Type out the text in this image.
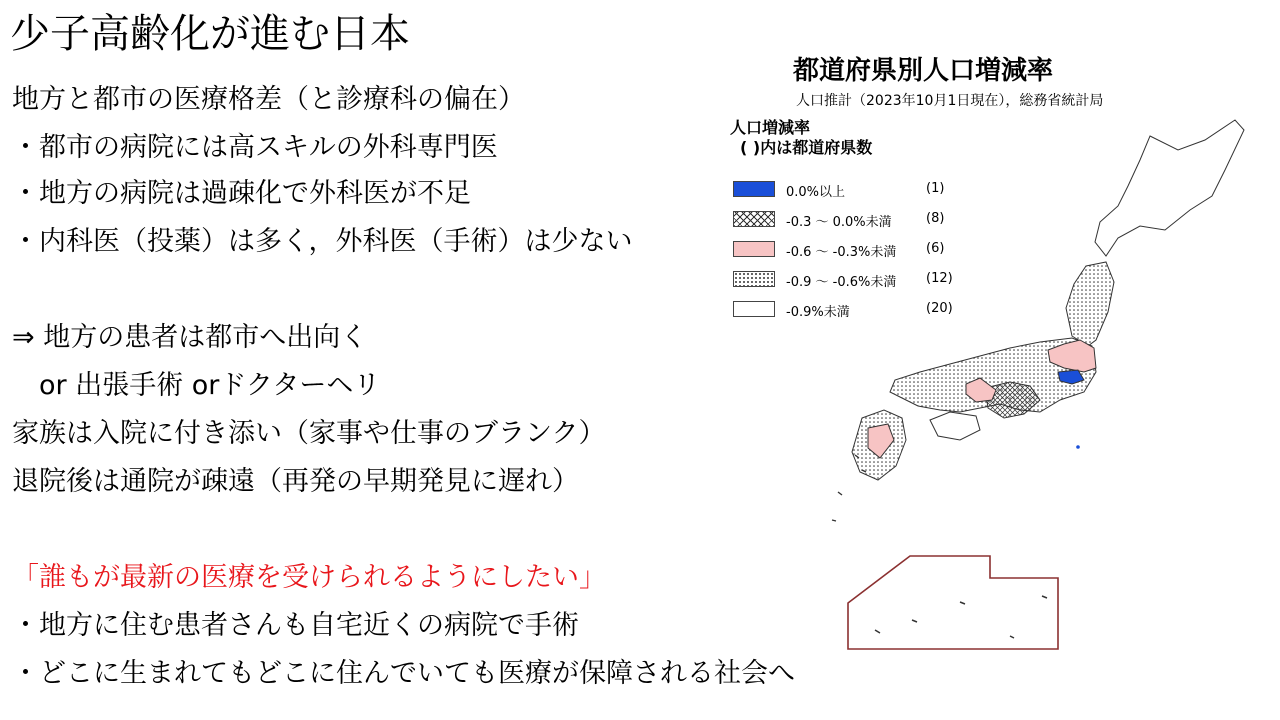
少子高齢化が進む日本
地方と都市の医療格差（と診療科の偏在）
・都市の病院には高スキルの外科専門医
・地方の病院は過疎化で外科医が不足
・内科医（投薬）は多く，外科医（手術）は少ない
⇒ 地方の患者は都市へ出向く
　or 出張手術 orドクターヘリ
家族は入院に付き添い（家事や仕事のブランク）
退院後は通院が疎遠（再発の早期発見に遅れ）
「誰もが最新の医療を受けられるようにしたい」
・地方に住む患者さんも自宅近くの病院で手術
・どこに生まれてもどこに住んでいても医療が保障される社会へ
都道府県別人口増減率
人口推計（2023年10月1日現在），総務省統計局
人口増減率
( )内は都道府県数
0.0%以上	(1)
-0.3 ～ 0.0%未満	(8)
-0.6 ～ -0.3%未満 (6)
-0.9 ～ -0.6%未満 (12)
-0.9%未満	(20)
